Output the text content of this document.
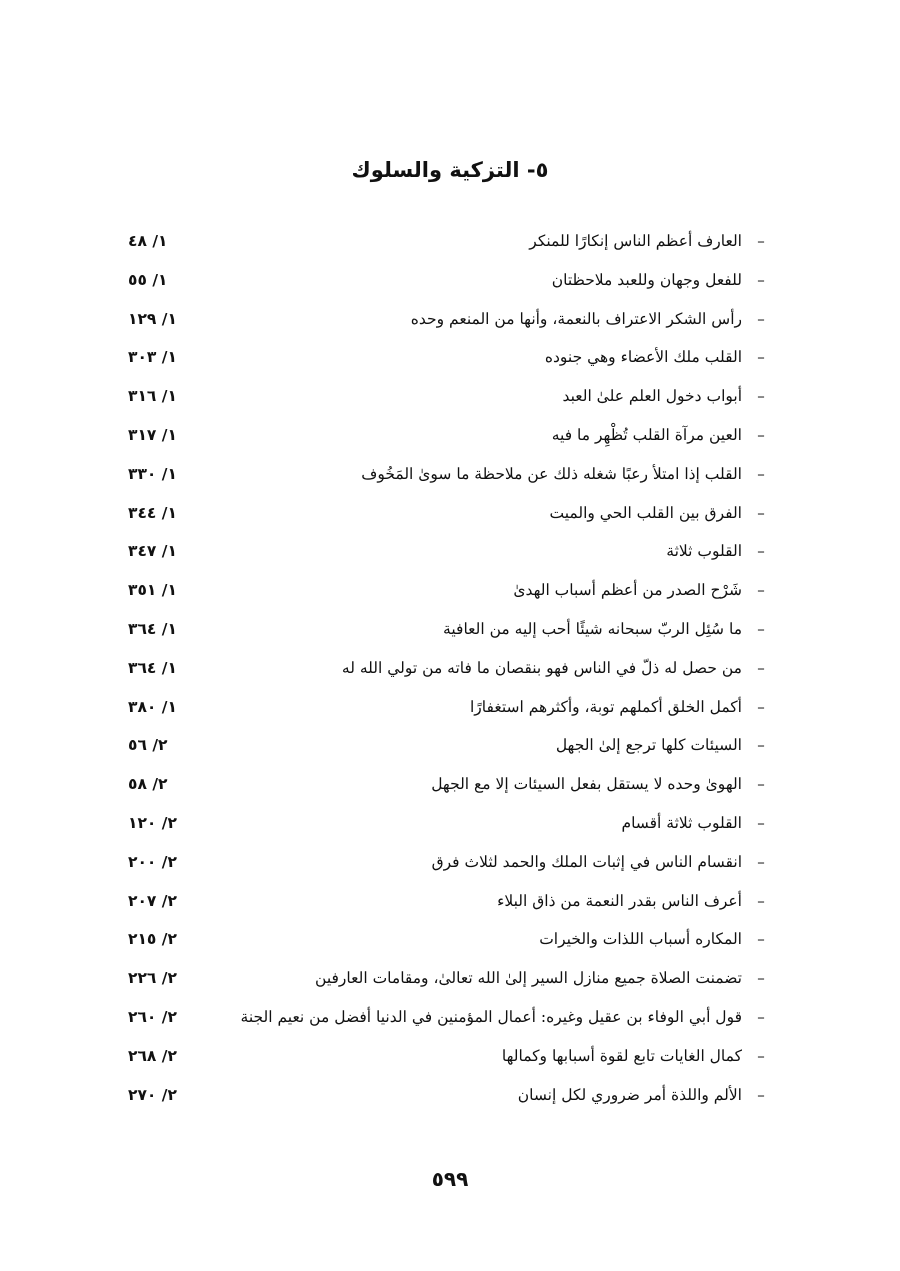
٥- التزكية والسلوك
–
العارف أعظم الناس إنكارًا للمنكر
١/ ٤٨
–
للفعل وجهان وللعبد ملاحظتان
١/ ٥٥
–
رأس الشكر الاعتراف بالنعمة، وأنها من المنعم وحده
١/ ١٢٩
–
القلب ملك الأعضاء وهي جنوده
١/ ٣٠٣
–
أبواب دخول العلم علىٰ العبد
١/ ٣١٦
–
العين مرآة القلب تُظْهِر ما فيه
١/ ٣١٧
–
القلب إذا امتلأ رعبًا شغله ذلك عن ملاحظة ما سوىٰ المَخُوف
١/ ٣٣٠
–
الفرق بين القلب الحي والميت
١/ ٣٤٤
–
القلوب ثلاثة
١/ ٣٤٧
–
شَرْح الصدر من أعظم أسباب الهدىٰ
١/ ٣٥١
–
ما سُئِل الربّ سبحانه شيئًا أحب إليه من العافية
١/ ٣٦٤
–
من حصل له ذلّ في الناس فهو بنقصان ما فاته من تولي الله له
١/ ٣٦٤
–
أكمل الخلق أكملهم توبة، وأكثرهم استغفارًا
١/ ٣٨٠
–
السيئات كلها ترجع إلىٰ الجهل
٢/ ٥٦
–
الهوىٰ وحده لا يستقل بفعل السيئات إلا مع الجهل
٢/ ٥٨
–
القلوب ثلاثة أقسام
٢/ ١٢٠
–
انقسام الناس في إثبات الملك والحمد لثلاث فرق
٢/ ٢٠٠
–
أعرف الناس بقدر النعمة من ذاق البلاء
٢/ ٢٠٧
–
المكاره أسباب اللذات والخيرات
٢/ ٢١٥
–
تضمنت الصلاة جميع منازل السير إلىٰ الله تعالىٰ، ومقامات العارفين
٢/ ٢٢٦
–
قول أبي الوفاء بن عقيل وغيره: أعمال المؤمنين في الدنيا أفضل من نعيم الجنة
٢/ ٢٦٠
–
كمال الغايات تابع لقوة أسبابها وكمالها
٢/ ٢٦٨
–
الألم واللذة أمر ضروري لكل إنسان
٢/ ٢٧٠
٥٩٩
